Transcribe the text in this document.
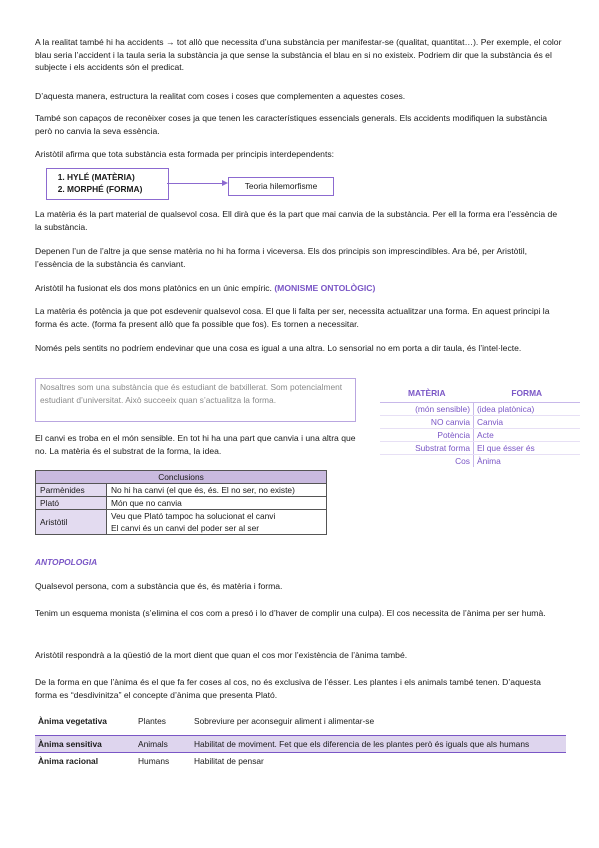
A la realitat també hi ha accidents → tot allò que necessita d’una substància per manifestar-se (qualitat, quantitat…). Per exemple, el color blau seria l’accident i la taula seria la substància ja que sense la substància el blau en si no existeix. Podriem dir que la substància és el subjecte i els accidents són el predicat.

D’aquesta manera, estructura la realitat com coses i coses que complementen a aquestes coses.

També son capaços de reconèixer coses ja que tenen les característiques essencials generals. Els accidents modifiquen la substància però no canvia la seva essència.

Aristòtil afirma que tota substància esta formada per principis interdependents:

1. HYLÉ (MATÈRIA)
2. MORPHÉ (FORMA)	Teoria hilemorfisme

La matèria és la part material de qualsevol cosa. Ell dirà que és la part que mai canvia de la substància. Per ell la forma era l’essència de la substància.

Depenen l’un de l’altre ja que sense matèria no hi ha forma i viceversa. Els dos principis son imprescindibles. Ara bé, per Aristòtil, l’essència de la substància és canviant.

Aristòtil ha fusionat els dos mons platònics en un únic empíric. (MONISME ONTOLÒGIC)

La matèria és potència ja que pot esdevenir qualsevol cosa. El que li falta per ser, necessita actualitzar una forma. En aquest principi la forma és acte. (forma fa present allò que fa possible que fos). Es tornen a necessitar.

Només pels sentits no podríem endevinar que una cosa es igual a una altra. Lo sensorial no em porta a dir taula, és l’intel·lecte.

Nosaltres som una substància que és estudiant de batxillerat. Som potencialment estudiant d’universitat. Això succeeix quan s’actualitza la forma.
MATÈRIA	FORMA
(món sensible)	(idea platònica)
NO canvia	Canvia
Potència	Acte
Substrat forma	El que ésser és
Cos	Ànima

El canvi es troba en el món sensible. En tot hi ha una part que canvia i una altra que no. La matèria és el substrat de la forma, la idea.

Conclusions	
Parmènides	No hi ha canvi (el que és, és. El no ser, no existe)
Plató	Món que no canvia
Aristòtil	Veu que Plató tampoc ha solucionat el canvi
El canvi és un canvi del poder ser al ser
ANTOPOLOGIA

Qualsevol persona, com a substància que és, és matèria i forma.

Tenim un esquema monista (s’elimina el cos com a presó i lo d’haver de complir una culpa). El cos necessita de l’ànima per ser humà.

Aristòtil respondrà a la qüestió de la mort dient que quan el cos mor l’existència de l’ànima també.

De la forma en que l’ànima és el que fa fer coses al cos, no és exclusiva de l’ésser. Les plantes i els animals també tenen. D’aquesta forma es “desdivinitza” el concepte d’ànima que presenta Plató.

Ànima vegetativa	Plantes	Sobreviure per aconseguir aliment i alimentar-se
Ànima sensitiva	Animals	Habilitat de moviment. Fet que els diferencia de les plantes però és iguals que als humans
Ànima racional	Humans	Habilitat de pensar
